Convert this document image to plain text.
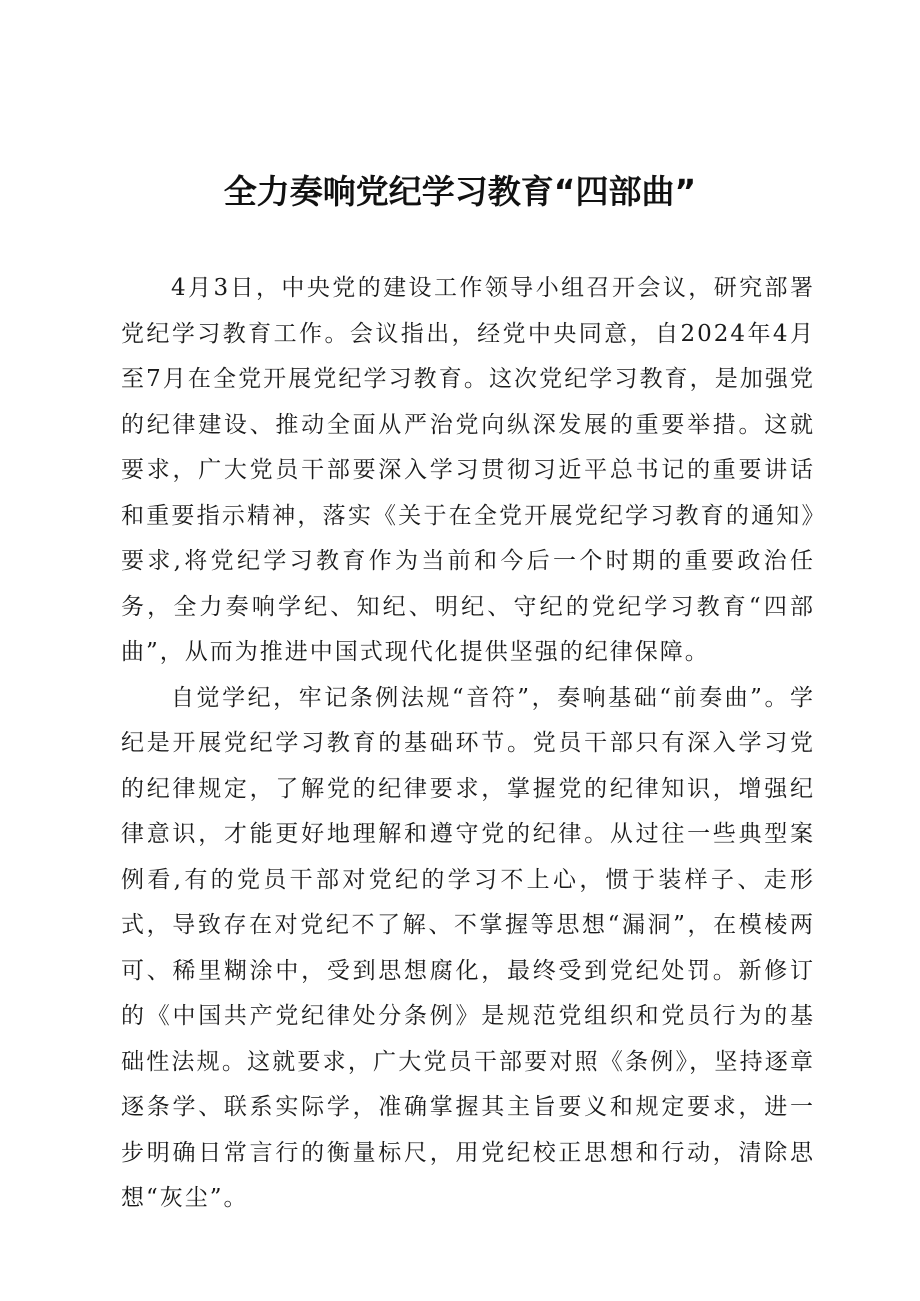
全力奏响党纪学习教育“四部曲”

4月3日，中央党的建设工作领导小组召开会议，研究部署党纪学习教育工作。会议指出，经党中央同意，自2024年4月至7月在全党开展党纪学习教育。这次党纪学习教育，是加强党的纪律建设、推动全面从严治党向纵深发展的重要举措。这就要求，广大党员干部要深入学习贯彻习近平总书记的重要讲话和重要指示精神，落实《关于在全党开展党纪学习教育的通知》要求,将党纪学习教育作为当前和今后一个时期的重要政治任务，全力奏响学纪、知纪、明纪、守纪的党纪学习教育“四部曲”，从而为推进中国式现代化提供坚强的纪律保障。

自觉学纪，牢记条例法规“音符”，奏响基础“前奏曲”。学纪是开展党纪学习教育的基础环节。党员干部只有深入学习党的纪律规定，了解党的纪律要求，掌握党的纪律知识，增强纪律意识，才能更好地理解和遵守党的纪律。从过往一些典型案例看,有的党员干部对党纪的学习不上心，惯于装样子、走形式，导致存在对党纪不了解、不掌握等思想“漏洞”，在模棱两可、稀里糊涂中，受到思想腐化，最终受到党纪处罚。新修订的《中国共产党纪律处分条例》是规范党组织和党员行为的基础性法规。这就要求，广大党员干部要对照《条例》，坚持逐章逐条学、联系实际学，准确掌握其主旨要义和规定要求，进一步明确日常言行的衡量标尺，用党纪校正思想和行动，清除思想“灰尘”。
